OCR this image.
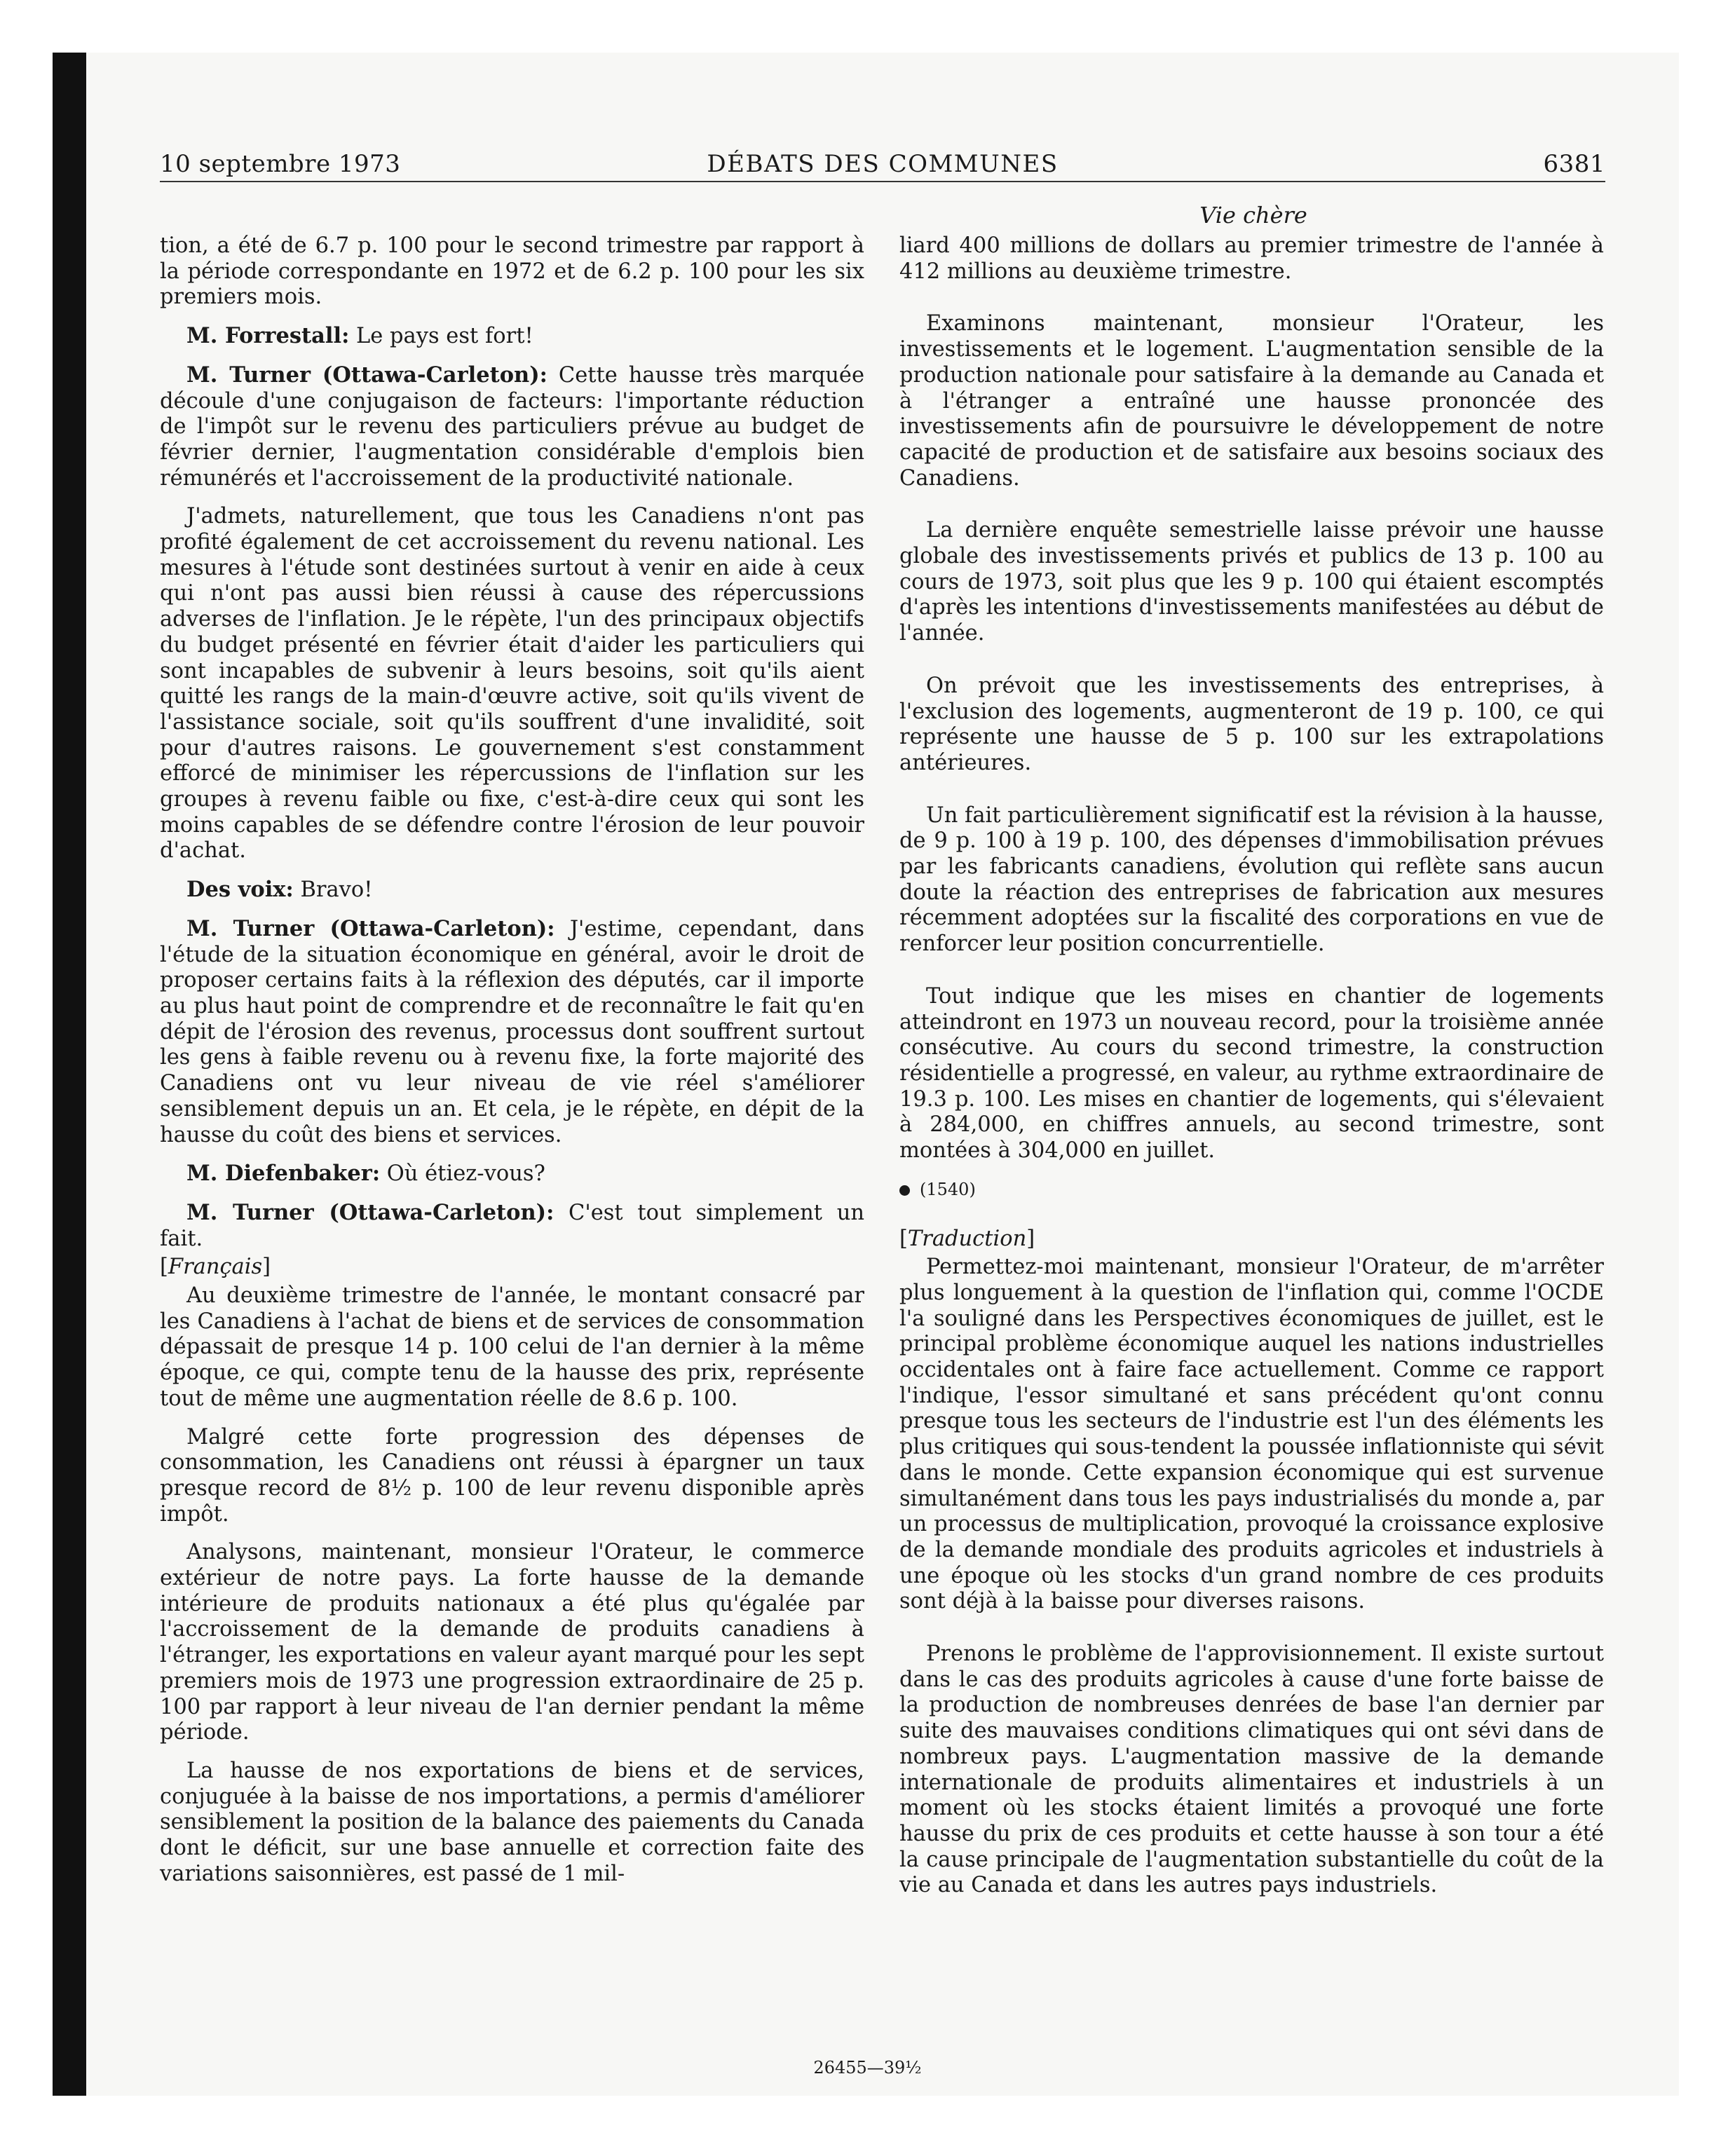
10 septembre 1973	DÉBATS DES COMMUNES	6381
Vie chère

tion, a été de 6.7 p. 100 pour le second trimestre par rapport à la période correspondante en 1972 et de 6.2 p. 100 pour les six premiers mois.

M. Forrestall: Le pays est fort!

M. Turner (Ottawa-Carleton): Cette hausse très marquée découle d'une conjugaison de facteurs: l'importante réduction de l'impôt sur le revenu des particuliers prévue au budget de février dernier, l'augmentation considérable d'emplois bien rémunérés et l'accroissement de la productivité nationale.

J'admets, naturellement, que tous les Canadiens n'ont pas profité également de cet accroissement du revenu national. Les mesures à l'étude sont destinées surtout à venir en aide à ceux qui n'ont pas aussi bien réussi à cause des répercussions adverses de l'inflation. Je le répète, l'un des principaux objectifs du budget présenté en février était d'aider les particuliers qui sont incapables de subvenir à leurs besoins, soit qu'ils aient quitté les rangs de la main-d'œuvre active, soit qu'ils vivent de l'assistance sociale, soit qu'ils souffrent d'une invalidité, soit pour d'autres raisons. Le gouvernement s'est constamment efforcé de minimiser les répercussions de l'inflation sur les groupes à revenu faible ou fixe, c'est-à-dire ceux qui sont les moins capables de se défendre contre l'érosion de leur pouvoir d'achat.

Des voix: Bravo!

M. Turner (Ottawa-Carleton): J'estime, cependant, dans l'étude de la situation économique en général, avoir le droit de proposer certains faits à la réflexion des députés, car il importe au plus haut point de comprendre et de reconnaître le fait qu'en dépit de l'érosion des revenus, processus dont souffrent surtout les gens à faible revenu ou à revenu fixe, la forte majorité des Canadiens ont vu leur niveau de vie réel s'améliorer sensiblement depuis un an. Et cela, je le répète, en dépit de la hausse du coût des biens et services.

M. Diefenbaker: Où étiez-vous?

M. Turner (Ottawa-Carleton): C'est tout simplement un fait.

[Français]

Au deuxième trimestre de l'année, le montant consacré par les Canadiens à l'achat de biens et de services de consommation dépassait de presque 14 p. 100 celui de l'an dernier à la même époque, ce qui, compte tenu de la hausse des prix, représente tout de même une augmentation réelle de 8.6 p. 100.

Malgré cette forte progression des dépenses de consommation, les Canadiens ont réussi à épargner un taux presque record de 8½ p. 100 de leur revenu disponible après impôt.

Analysons, maintenant, monsieur l'Orateur, le commerce extérieur de notre pays. La forte hausse de la demande intérieure de produits nationaux a été plus qu'égalée par l'accroissement de la demande de produits canadiens à l'étranger, les exportations en valeur ayant marqué pour les sept premiers mois de 1973 une progression extraordinaire de 25 p. 100 par rapport à leur niveau de l'an dernier pendant la même période.

La hausse de nos exportations de biens et de services, conjuguée à la baisse de nos importations, a permis d'améliorer sensiblement la position de la balance des paiements du Canada dont le déficit, sur une base annuelle et correction faite des variations saisonnières, est passé de 1 mil-

liard 400 millions de dollars au premier trimestre de l'année à 412 millions au deuxième trimestre.

Examinons maintenant, monsieur l'Orateur, les investissements et le logement. L'augmentation sensible de la production nationale pour satisfaire à la demande au Canada et à l'étranger a entraîné une hausse prononcée des investissements afin de poursuivre le développement de notre capacité de production et de satisfaire aux besoins sociaux des Canadiens.

La dernière enquête semestrielle laisse prévoir une hausse globale des investissements privés et publics de 13 p. 100 au cours de 1973, soit plus que les 9 p. 100 qui étaient escomptés d'après les intentions d'investissements manifestées au début de l'année.

On prévoit que les investissements des entreprises, à l'exclusion des logements, augmenteront de 19 p. 100, ce qui représente une hausse de 5 p. 100 sur les extrapolations antérieures.

Un fait particulièrement significatif est la révision à la hausse, de 9 p. 100 à 19 p. 100, des dépenses d'immobilisation prévues par les fabricants canadiens, évolution qui reflète sans aucun doute la réaction des entreprises de fabrication aux mesures récemment adoptées sur la fiscalité des corporations en vue de renforcer leur position concurrentielle.

Tout indique que les mises en chantier de logements atteindront en 1973 un nouveau record, pour la troisième année consécutive. Au cours du second trimestre, la construction résidentielle a progressé, en valeur, au rythme extraordinaire de 19.3 p. 100. Les mises en chantier de logements, qui s'élevaient à 284,000, en chiffres annuels, au second trimestre, sont montées à 304,000 en juillet.

(1540)

[Traduction]

Permettez-moi maintenant, monsieur l'Orateur, de m'arrêter plus longuement à la question de l'inflation qui, comme l'OCDE l'a souligné dans les Perspectives économiques de juillet, est le principal problème économique auquel les nations industrielles occidentales ont à faire face actuellement. Comme ce rapport l'indique, l'essor simultané et sans précédent qu'ont connu presque tous les secteurs de l'industrie est l'un des éléments les plus critiques qui sous-tendent la poussée inflationniste qui sévit dans le monde. Cette expansion économique qui est survenue simultanément dans tous les pays industrialisés du monde a, par un processus de multiplication, provoqué la croissance explosive de la demande mondiale des produits agricoles et industriels à une époque où les stocks d'un grand nombre de ces produits sont déjà à la baisse pour diverses raisons.

Prenons le problème de l'approvisionnement. Il existe surtout dans le cas des produits agricoles à cause d'une forte baisse de la production de nombreuses denrées de base l'an dernier par suite des mauvaises conditions climatiques qui ont sévi dans de nombreux pays. L'augmentation massive de la demande internationale de produits alimentaires et industriels à un moment où les stocks étaient limités a provoqué une forte hausse du prix de ces produits et cette hausse à son tour a été la cause principale de l'augmentation substantielle du coût de la vie au Canada et dans les autres pays industriels.

26455—39½
